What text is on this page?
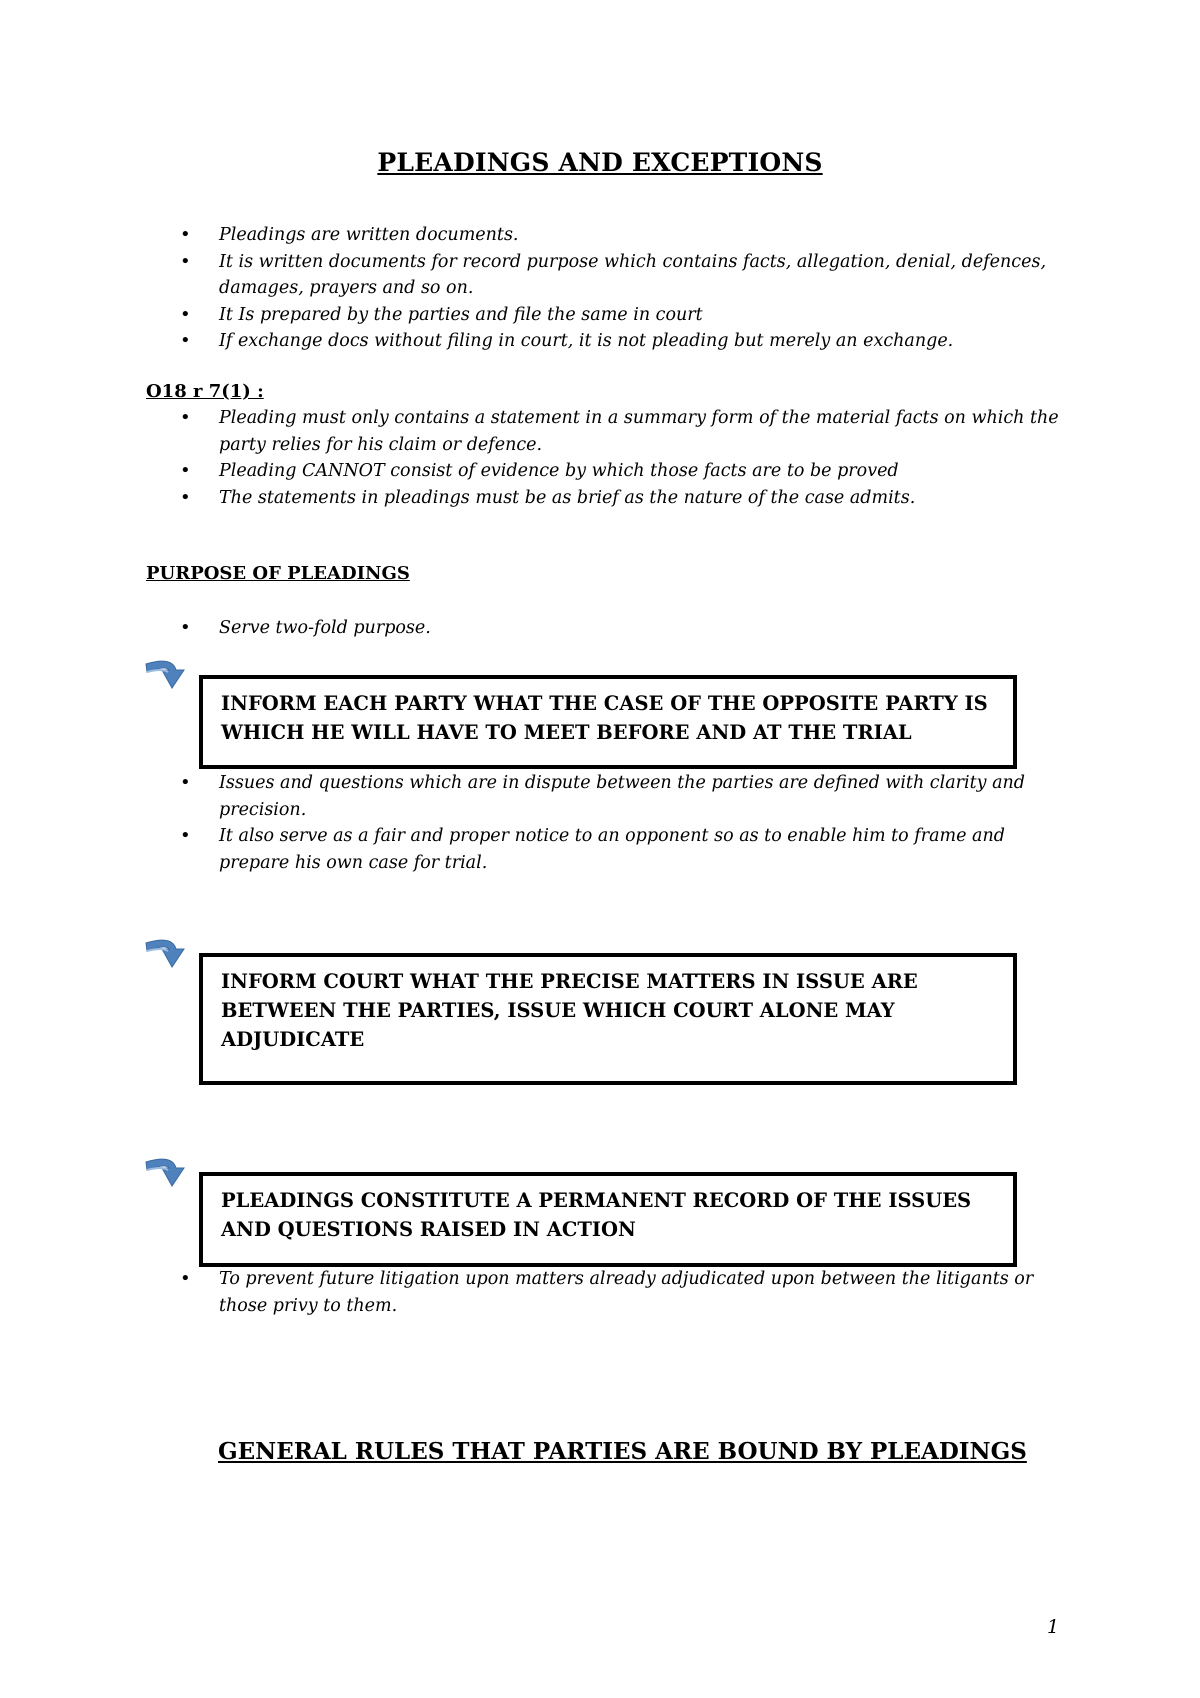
PLEADINGS AND EXCEPTIONS
• Pleadings are written documents.
• It is written documents for record purpose which contains facts, allegation, denial, defences, damages, prayers and so on.
• It Is prepared by the parties and file the same in court
• If exchange docs without filing in court, it is not pleading but merely an exchange.
O18 r 7(1) :
• Pleading must only contains a statement in a summary form of the material facts on which the party relies for his claim or defence.
• Pleading CANNOT consist of evidence by which those facts are to be proved
• The statements in pleadings must be as brief as the nature of the case admits.
PURPOSE OF PLEADINGS
• Serve two-fold purpose.
INFORM EACH PARTY WHAT THE CASE OF THE OPPOSITE PARTY IS WHICH HE WILL HAVE TO MEET BEFORE AND AT THE TRIAL
• Issues and questions which are in dispute between the parties are defined with clarity and precision.
• It also serve as a fair and proper notice to an opponent so as to enable him to frame and prepare his own case for trial.
INFORM COURT WHAT THE PRECISE MATTERS IN ISSUE ARE BETWEEN THE PARTIES, ISSUE WHICH COURT ALONE MAY ADJUDICATE
PLEADINGS CONSTITUTE A PERMANENT RECORD OF THE ISSUES AND QUESTIONS RAISED IN ACTION
• To prevent future litigation upon matters already adjudicated upon between the litigants or those privy to them.
GENERAL RULES THAT PARTIES ARE BOUND BY PLEADINGS
1
